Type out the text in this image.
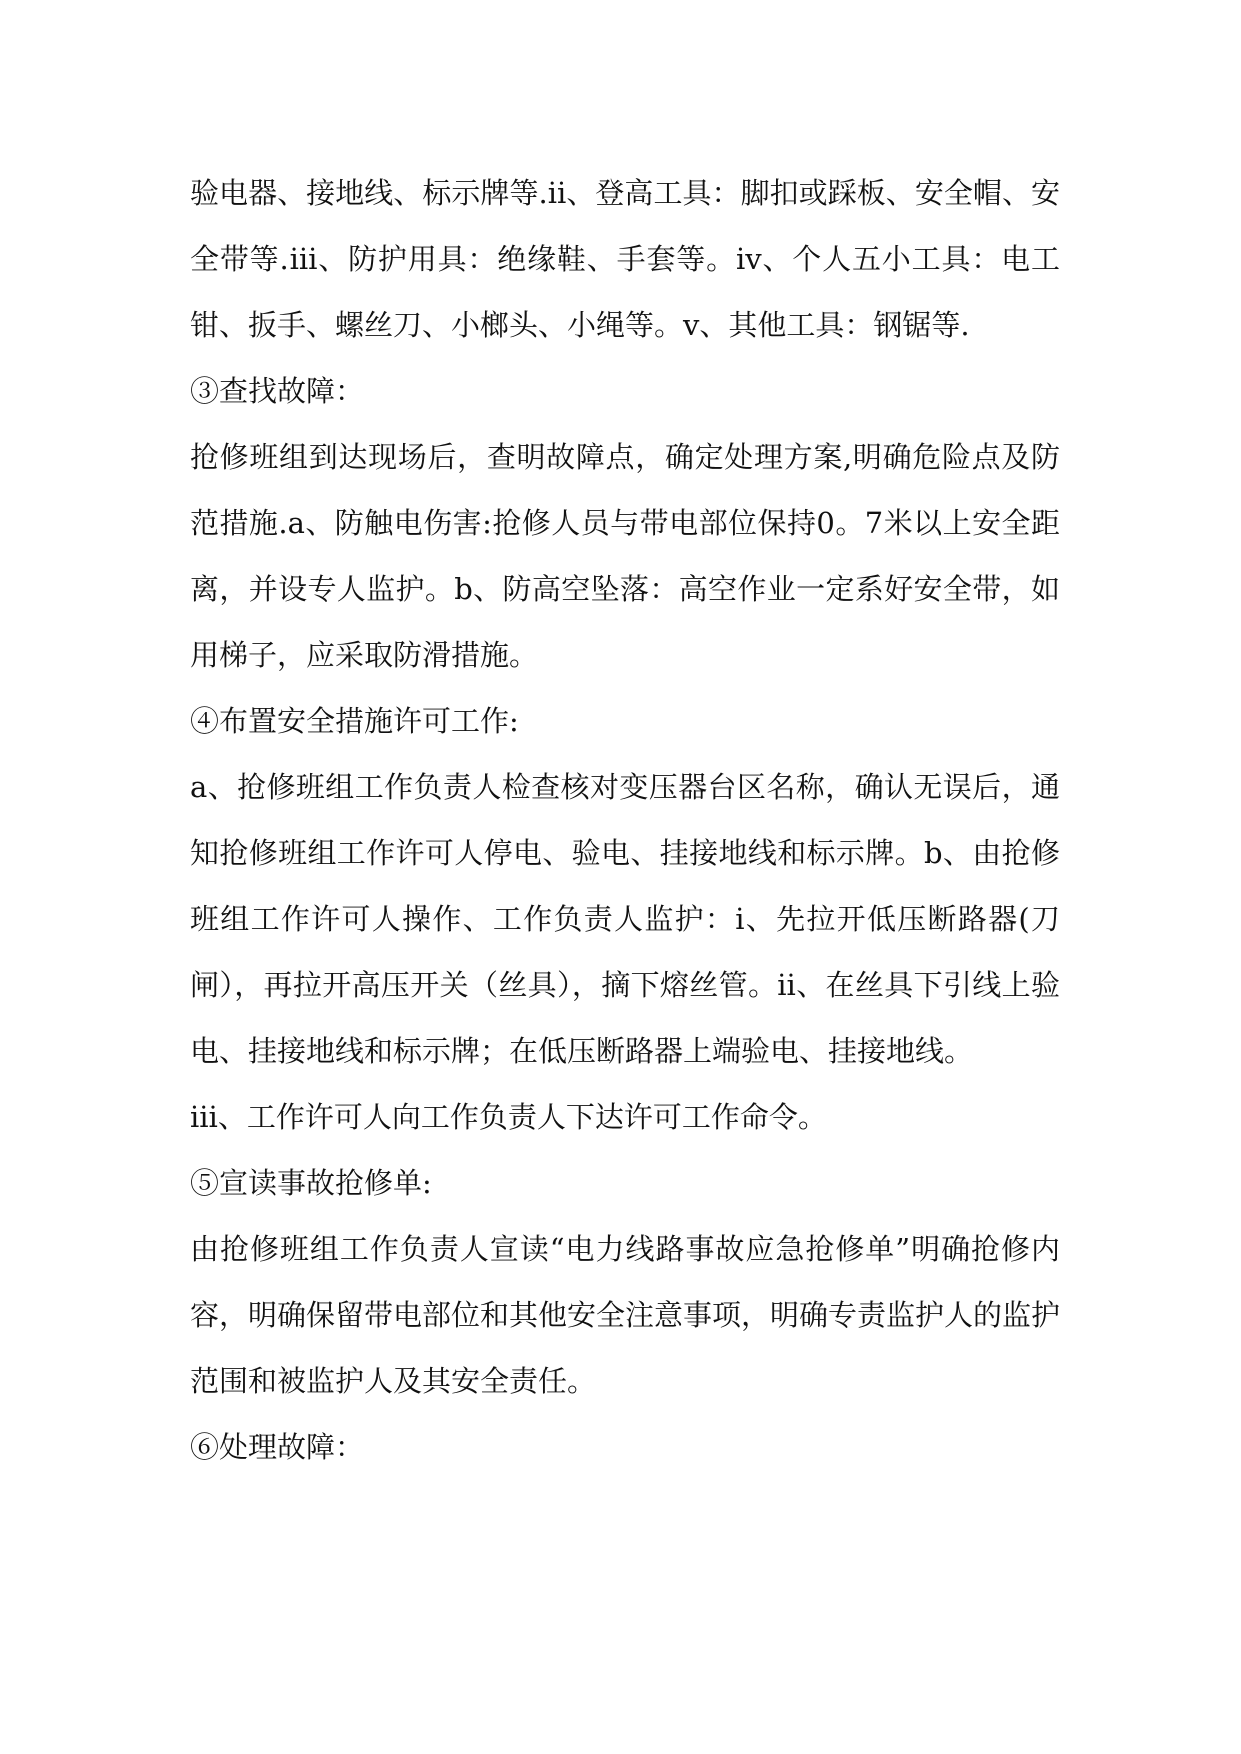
验电器、接地线、标示牌等.ⅱ、登高工具：脚扣或踩板、安全帽、安全带等.ⅲ、防护用具：绝缘鞋、手套等。ⅳ、个人五小工具：电工钳、扳手、螺丝刀、小榔头、小绳等。ⅴ、其他工具：钢锯等.

③查找故障：

抢修班组到达现场后，查明故障点，确定处理方案,明确危险点及防范措施.a、防触电伤害:抢修人员与带电部位保持0。7米以上安全距离，并设专人监护。b、防高空坠落：高空作业一定系好安全带，如用梯子，应采取防滑措施。

④布置安全措施许可工作:

a、抢修班组工作负责人检查核对变压器台区名称，确认无误后，通知抢修班组工作许可人停电、验电、挂接地线和标示牌。b、由抢修班组工作许可人操作、工作负责人监护：ⅰ、先拉开低压断路器(刀闸），再拉开高压开关（丝具），摘下熔丝管。ⅱ、在丝具下引线上验电、挂接地线和标示牌；在低压断路器上端验电、挂接地线。

ⅲ、工作许可人向工作负责人下达许可工作命令。

⑤宣读事故抢修单:

由抢修班组工作负责人宣读“电力线路事故应急抢修单”明确抢修内容，明确保留带电部位和其他安全注意事项，明确专责监护人的监护范围和被监护人及其安全责任。

⑥处理故障：
